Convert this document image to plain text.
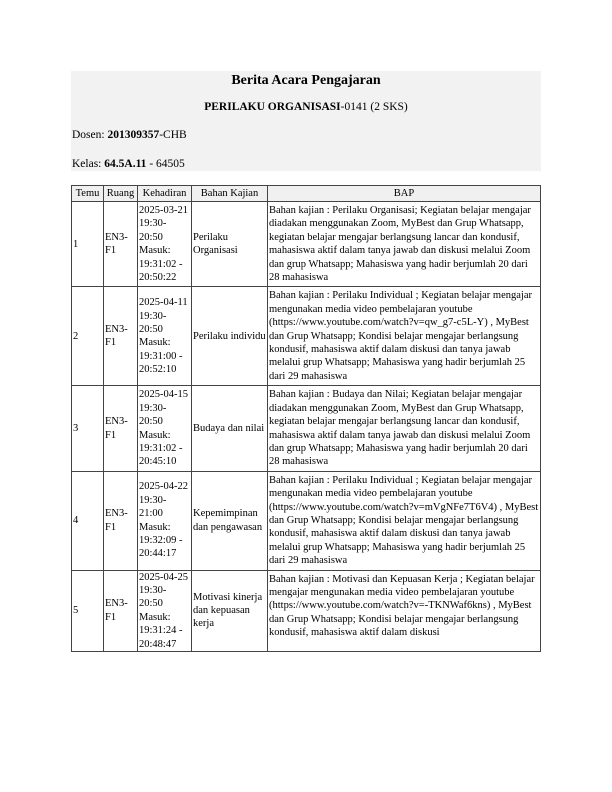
Berita Acara Pengajaran
PERILAKU ORGANISASI-0141 (2 SKS)
Dosen: 201309357-CHB
Kelas: 64.5A.11 - 64505
Temu	Ruang	Kehadiran	Bahan Kajian	BAP
1	EN3-F1	2025-03-21 19:30-20:50 Masuk: 19:31:02 - 20:50:22	Perilaku Organisasi	Bahan kajian : Perilaku Organisasi; Kegiatan belajar mengajar diadakan menggunakan Zoom, MyBest dan Grup Whatsapp, kegiatan belajar mengajar berlangsung lancar dan kondusif, mahasiswa aktif dalam tanya jawab dan diskusi melalui Zoom dan grup Whatsapp; Mahasiswa yang hadir berjumlah 20 dari 28 mahasiswa
2	EN3-F1	2025-04-11 19:30-20:50 Masuk: 19:31:00 - 20:52:10	Perilaku individu	Bahan kajian : Perilaku Individual ; Kegiatan belajar mengajar mengunakan media video pembelajaran youtube (https://www.youtube.com/watch?v=qw_g7-c5L-Y) , MyBest dan Grup Whatsapp; Kondisi belajar mengajar berlangsung kondusif, mahasiswa aktif dalam diskusi dan tanya jawab melalui grup Whatsapp; Mahasiswa yang hadir berjumlah 25 dari 29 mahasiswa
3	EN3-F1	2025-04-15 19:30-20:50 Masuk: 19:31:02 - 20:45:10	Budaya dan nilai	Bahan kajian : Budaya dan Nilai; Kegiatan belajar mengajar diadakan menggunakan Zoom, MyBest dan Grup Whatsapp, kegiatan belajar mengajar berlangsung lancar dan kondusif, mahasiswa aktif dalam tanya jawab dan diskusi melalui Zoom dan grup Whatsapp; Mahasiswa yang hadir berjumlah 20 dari 28 mahasiswa
4	EN3-F1	2025-04-22 19:30-21:00 Masuk: 19:32:09 - 20:44:17	Kepemimpinan dan pengawasan	Bahan kajian : Perilaku Individual ; Kegiatan belajar mengajar mengunakan media video pembelajaran youtube (https://www.youtube.com/watch?v=mVgNFe7T6V4) , MyBest dan Grup Whatsapp; Kondisi belajar mengajar berlangsung kondusif, mahasiswa aktif dalam diskusi dan tanya jawab melalui grup Whatsapp; Mahasiswa yang hadir berjumlah 25 dari 29 mahasiswa
5	EN3-F1	2025-04-25 19:30-20:50 Masuk: 19:31:24 - 20:48:47	Motivasi kinerja dan kepuasan kerja	Bahan kajian : Motivasi dan Kepuasan Kerja ; Kegiatan belajar mengajar mengunakan media video pembelajaran youtube (https://www.youtube.com/watch?v=-TKNWaf6kns) , MyBest dan Grup Whatsapp; Kondisi belajar mengajar berlangsung kondusif, mahasiswa aktif dalam diskusi
